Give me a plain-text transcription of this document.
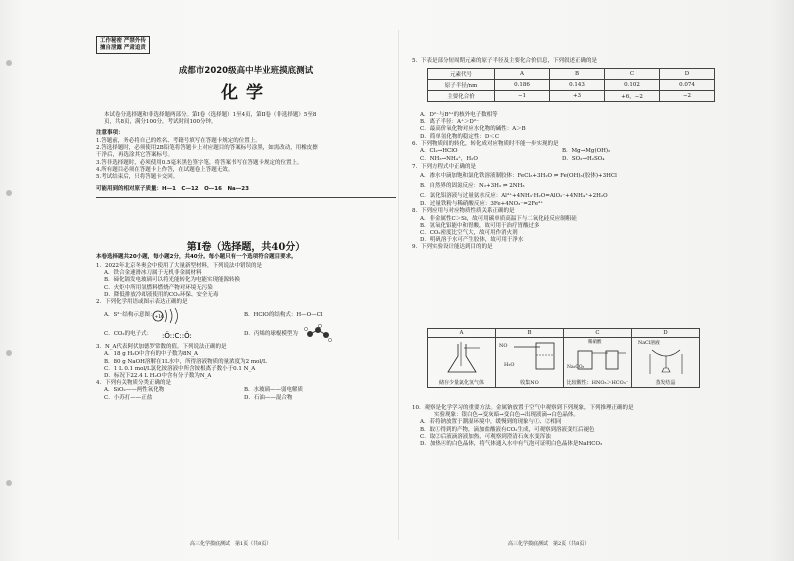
工作秘密 严禁外传
擅自泄露 严肃追责
成都市2020级高中毕业班摸底测试
化学
本试卷分选择题和非选择题两部分。第Ⅰ卷（选择题）1至4页，第Ⅱ卷（非选择题）5至8
页，共8页，满分100分，考试时间100分钟。
注意事项：
1.答题前，务必将自己的姓名、考籍号填写在答题卡规定的位置上。
2.答选择题时，必须使用2B铅笔将答题卡上对应题目的答案标号涂黑，如需改动，用橡皮擦
干净后，再选涂其它答案标号。
3.答非选择题时，必须使用0.5毫米黑色签字笔，将答案书写在答题卡规定的位置上。
4.所有题目必须在答题卡上作答，在试题卷上答题无效。
5.考试结束后，只将答题卡交回。
可能用到的相对原子质量：H—1　C—12　O—16　Na—23
第Ⅰ卷（选择题，共40分）
本卷选择题共20小题，每小题2分，共40分。每小题只有一个选项符合题目要求。
1．2022年北京冬奥会中使用了大量新型材料，下列说法中错误的是
A．铁合金速滑冰刀属于无机非金属材料
B．碲化镉发电玻璃可以将光能转化为电能实现能源转换
C．火炬中所用氢燃料燃烧产物对环境无污染
D．降低排放冷却液使用的CO₂环保、安全无毒
2．下列化学用语或图示表达正确的是
A．S²⁻结构示意图： +16	B．HClO的结构式：H—O—Cl
C．CO₂的电子式： :Ö::C::Ö:	D．丙烯的球棍模型为
3．N_A代表阿伏加德罗常数的值。下列说法正确的是
A．18 g H₂O中含有的中子数为8N_A
B．80 g NaOH溶解在1L水中，所得溶液物质的量浓度为2 mol/L
C．1 L 0.1 mol/L氯化铵溶液中所含铵根离子数小于0.1 N_A
D．标况下22.4 L H₂O中含有分子数为N_A
4．下列有关物质分类正确的是
A．SiO₂——两性氧化物	B．水玻璃——弱电解质
C．小苏打——正盐	D．石油——混合物
高三化学摸底测试　第1页（共8页）
5．下表是部分短周期元素的原子半径及主要化合价信息，下列叙述正确的是
元素代号	A	B	C	D
原子半径/nm	0.186	0.143	0.102	0.074
主要化合价	−1	+3	+6，−2	−2
A．D²⁻与B³⁺的核外电子数相等
B．离子半径：A⁺＞D²⁻
C．最高价氧化物对应水化物的碱性：A＞B
D．简单氢化物的稳定性：D＜C
6．下列物质间的转化，转化成对应物质时不能一步实现的是
A．Cl₂→HClO	B．Mg→Mg(OH)₂
C．NH₃→NH₄⁺，H₂O	D．SO₂→H₂SO₄
7．下列方程式中正确的是
A．渗水中滴加饱和氯化铁溶液制胶体：FeCl₃+3H₂O ⇌ Fe(OH)₃(胶体)+3HCl
B．自然界的固氮反应：N₂+3H₂ ⇌ 2NH₃
C．氯化铝溶液与过量氨水反应：Al³⁺+4NH₃·H₂O=AlO₂⁻+4NH₄⁺+2H₂O
D．过量铁粉与稀硝酸反应：3Fe+4NO₃⁻=2Fe³⁺
8．下列应用与对应物质性质关系正确的是
A．非金属性C＞Si，故可用碳单质高温下与二氧化硅反应制粗硅
B．氢氧化铝能中和胃酸，故可用于治疗胃酸过多
C．CO₂密度比空气大，故可用作消火剂
D．明矾溶于水可产生胶体，故可用于净水
9．下列实验设计能达到目的的是
A
储存少量氯化氢气体
B
NO
H₂O
收集NO
C
稀硝酸
Na₂CO₃
比较酸性：HNO₃＞HCO₃⁻
D
NaCl溶液
蒸发结晶
10．观察是化学学习的重要方法。金属钠放置于空气中观察到下列现象，下列推理正确的是
实验现象：银白色→变灰暗→变白色→出现液滴→白色晶体。
A．若将钠放置于潮湿环境中，缓慢到的现象与①、②相同
B．取①得到的产物，滴加盐酸液有CO₂生成，可观察到溶液变红后褪色
C．取②后液滴溶液加热，可观察到澄清石灰水变浑浊
D．加热④的白色晶体，将气体通入水中有气泡可证明白色晶体是NaHCO₃
高三化学摸底测试　第2页（共8页）
